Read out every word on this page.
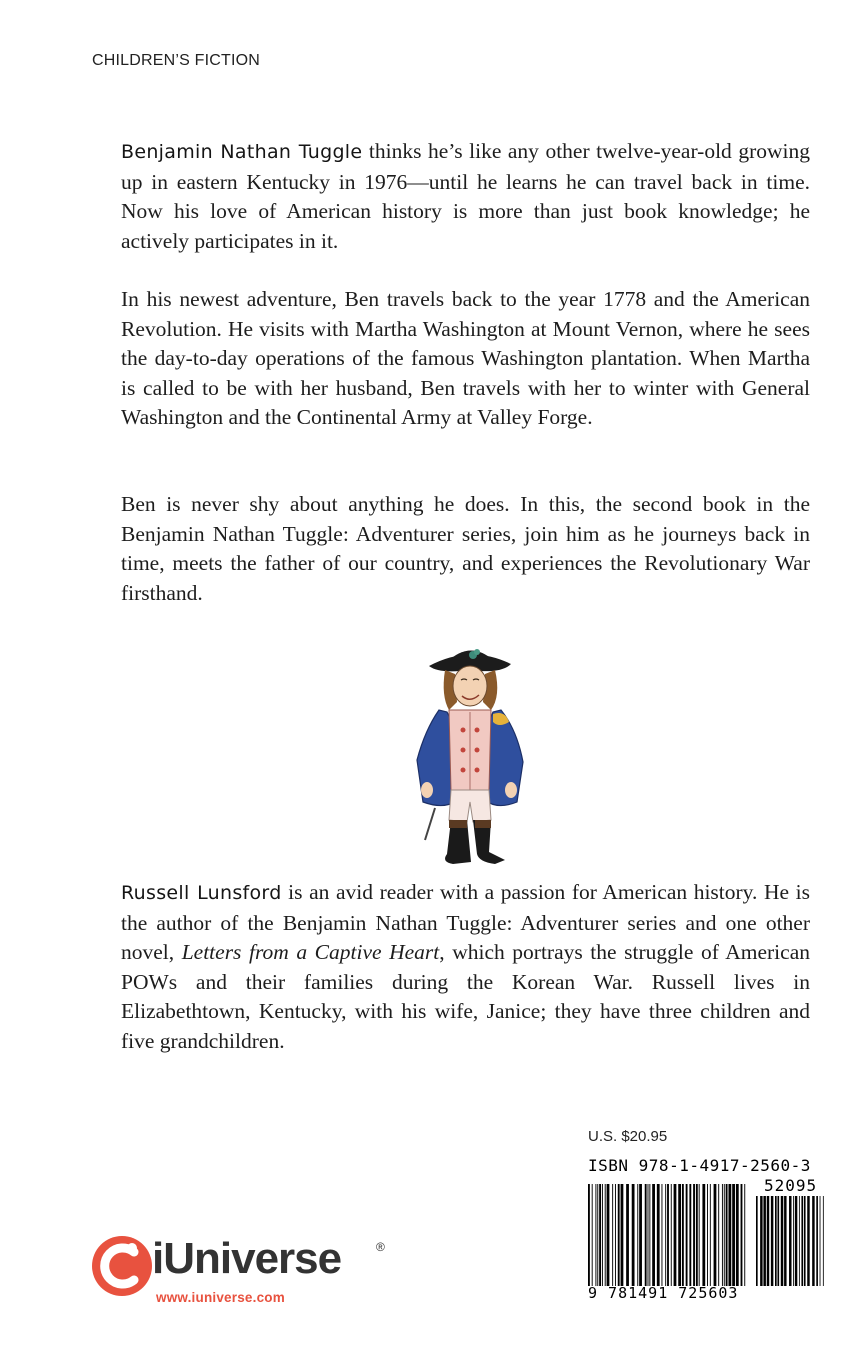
CHILDREN’S FICTION

Benjamin Nathan Tuggle thinks he’s like any other twelve-year-old growing up in eastern Kentucky in 1976—until he learns he can travel back in time. Now his love of American history is more than just book knowledge; he actively participates in it.

In his newest adventure, Ben travels back to the year 1778 and the American Revolution. He visits with Martha Washington at Mount Vernon, where he sees the day-to-day operations of the famous Washington plantation. When Martha is called to be with her husband, Ben travels with her to winter with General Washington and the Continental Army at Valley Forge.

Ben is never shy about anything he does. In this, the second book in the Benjamin Nathan Tuggle: Adventurer series, join him as he journeys back in time, meets the father of our country, and experiences the Revolutionary War firsthand.

Russell Lunsford is an avid reader with a passion for American history. He is the author of the Benjamin Nathan Tuggle: Adventurer series and one other novel, Letters from a Captive Heart, which portrays the struggle of American POWs and their families during the Korean War. Russell lives in Elizabethtown, Kentucky, with his wife, Janice; they have three children and five grandchildren.

U.S. $20.95
ISBN 978-1-4917-2560-3
52095
9 781491 725603
iUniverse	®
www.iuniverse.com
